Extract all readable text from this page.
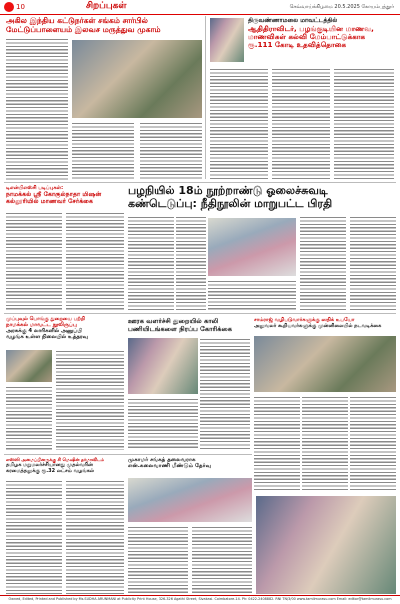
10	சிறப்புகள்	செவ்வாய்க்கிழமை 20.5.2025 கோயம்புத்தூர்
அகில இந்திய கட்டுநர்கள் சங்கம் சார்பில்
மேட்டுப்பாளையம் இலவச மருத்துவ முகாம்
திருவண்ணாமலை மாவட்டத்தில்
ஆதிதிராவிடர், பழங்குடியின மாணவ,
மாணவிகள் கல்வி மேம்பாட்டுக்காக
ரூ.111 கோடி உதவித்தொகை
டிஎன்பிஎஸ்சி படிப்புகள்:
நாமக்கல் ஸ்ரீ கோகுல்நாதா மிஷன்
கல்லூரியில் மாணவர் சேர்க்கை
பழநியில் 18ம் நூற்றாண்டு ஓலைச்சுவடி
கண்டெடுப்பு: நீதிநூலின் மாறுபட்ட பிரதி
முப்புவுல் பொங்கு துறையை பற்றி
நாமக்கல் மாவட்ட நூலிருப்பு
அரசுக்கு 4 லாரிகளில் அனுப்பி
வழங்க உள்ள நிலையில் உத்தரவு
ஊரக வளர்ச்சி துறையில் காலி
பணியிடங்களை நிரப்ப கோரிக்கை
சாம்ராஜ் வழிபடுவார்களுக்கு ஸதிக் உபயோ
அலுவலர் கூறியவர்களுக்கு முன்னிலையில் நடவடிக்கை
எஸ்ஸி அமைப்பினருக்கு சி மெஷின் தர்மாவிடம்
தமிழக மறுமலர்ச்சியானது முதல்வரின்
கரமைத்தலுக்கு ரூ.32 லட்சம் வழங்கல்
முகாமர் சங்கத் தலைவராக
என்.கலைவாணி மீண்டும் தேர்வு
Owned, Edited, Printed and Published by Ms.SUDHA ARUNMANI at Publicity Print House, 326-326 Agathi Street, Sivakasi. Coimbatore-14. Ph: 0422-2408882. RNI TN/3/00 www.tamilmurasu.com Email: editor@tamilmurasu.com
